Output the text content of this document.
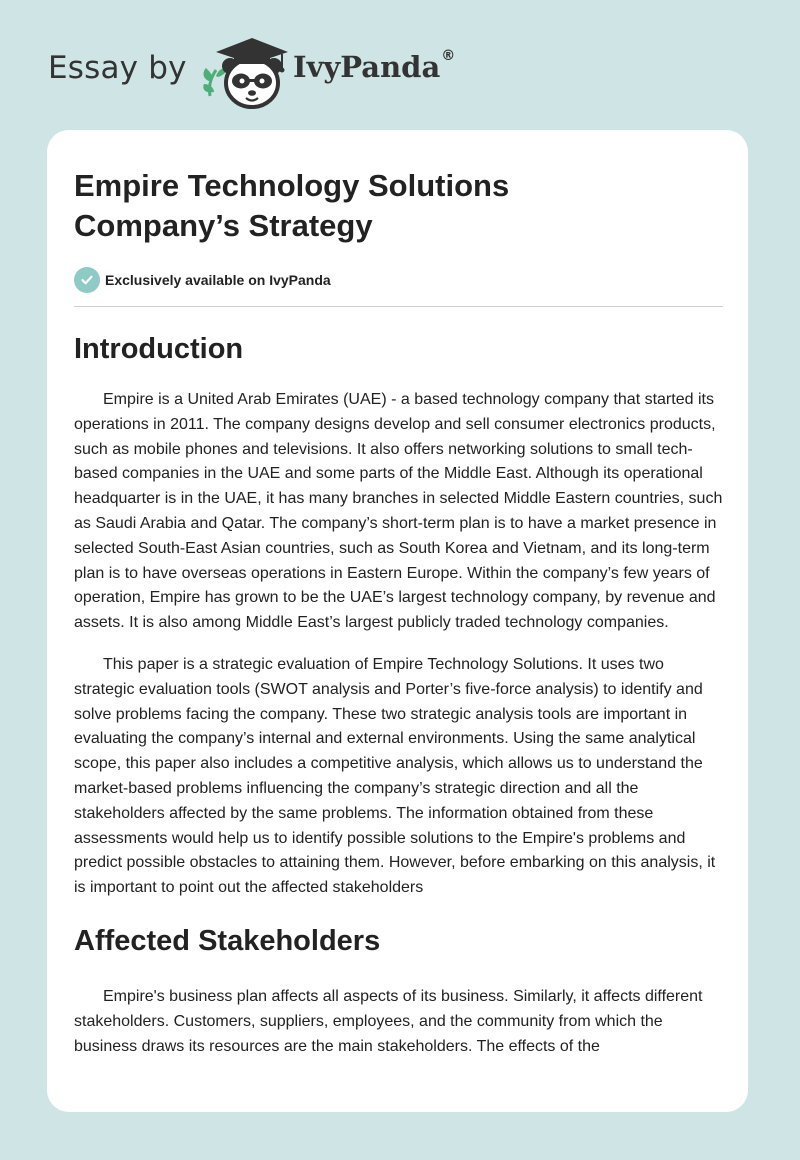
Essay by	IvyPanda®
Empire Technology Solutions Company’s Strategy
Exclusively available on IvyPanda
Introduction

Empire is a United Arab Emirates (UAE) - a based technology company that started its operations in 2011. The company designs develop and sell consumer electronics products, such as mobile phones and televisions. It also offers networking solutions to small tech-based companies in the UAE and some parts of the Middle East. Although its operational headquarter is in the UAE, it has many branches in selected Middle Eastern countries, such as Saudi Arabia and Qatar. The company’s short-term plan is to have a market presence in selected South-East Asian countries, such as South Korea and Vietnam, and its long-term plan is to have overseas operations in Eastern Europe. Within the company’s few years of operation, Empire has grown to be the UAE’s largest technology company, by revenue and assets. It is also among Middle East’s largest publicly traded technology companies.

This paper is a strategic evaluation of Empire Technology Solutions. It uses two strategic evaluation tools (SWOT analysis and Porter’s five-force analysis) to identify and solve problems facing the company. These two strategic analysis tools are important in evaluating the company’s internal and external environments. Using the same analytical scope, this paper also includes a competitive analysis, which allows us to understand the market-based problems influencing the company’s strategic direction and all the stakeholders affected by the same problems. The information obtained from these assessments would help us to identify possible solutions to the Empire's problems and predict possible obstacles to attaining them. However, before embarking on this analysis, it is important to point out the affected stakeholders

Affected Stakeholders

Empire's business plan affects all aspects of its business. Similarly, it affects different stakeholders. Customers, suppliers, employees, and the community from which the business draws its resources are the main stakeholders. The effects of the
